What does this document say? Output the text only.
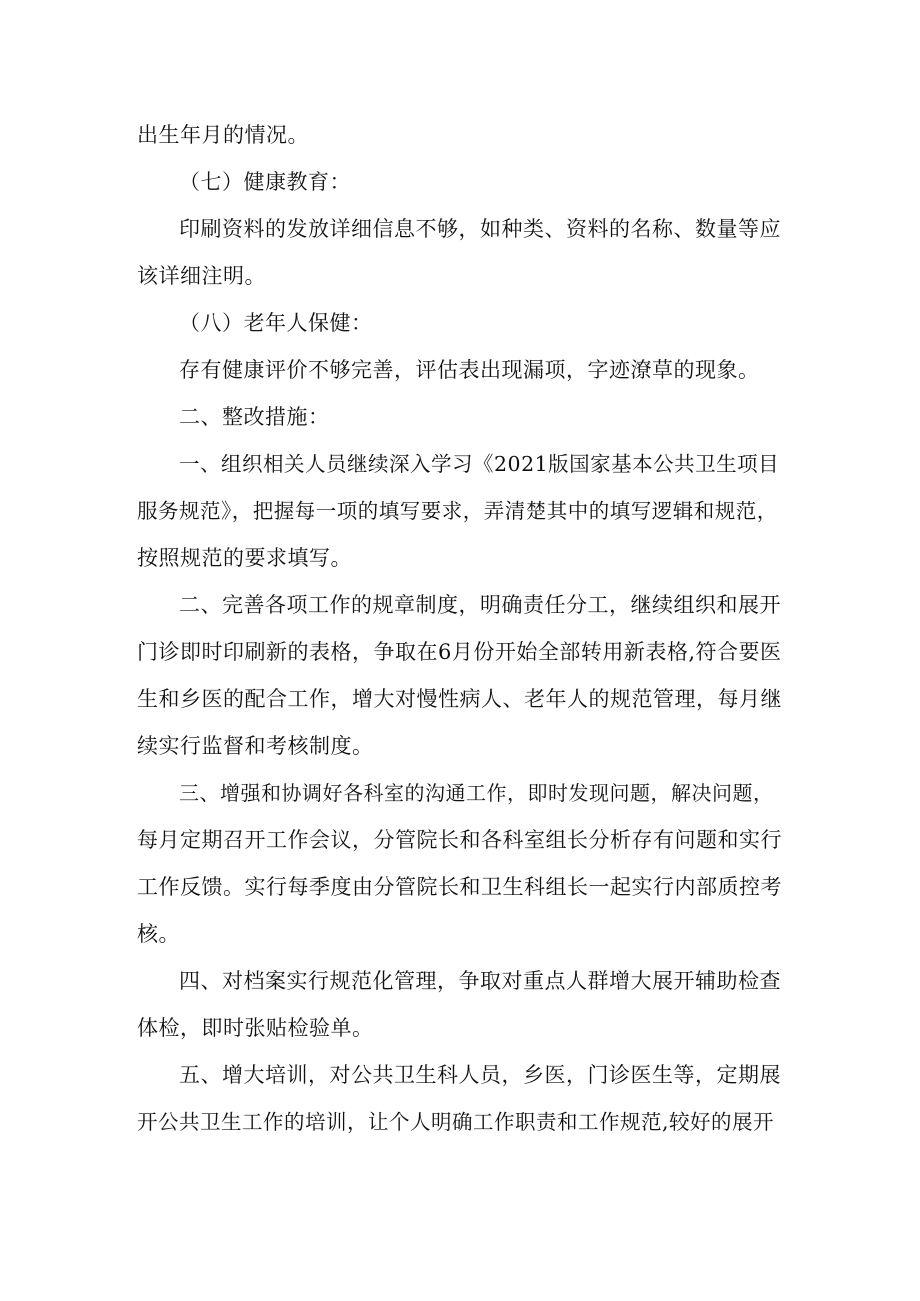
出生年月的情况。
（七）健康教育：
印刷资料的发放详细信息不够，如种类、资料的名称、数量等应
该详细注明。
（八）老年人保健：
存有健康评价不够完善，评估表出现漏项，字迹潦草的现象。
二、整改措施：
一、组织相关人员继续深入学习《2021版国家基本公共卫生项目
服务规范》，把握每一项的填写要求，弄清楚其中的填写逻辑和规范，
按照规范的要求填写。
二、完善各项工作的规章制度，明确责任分工，继续组织和展开
门诊即时印刷新的表格，争取在6月份开始全部转用新表格,符合要医
生和乡医的配合工作，增大对慢性病人、老年人的规范管理，每月继
续实行监督和考核制度。
三、增强和协调好各科室的沟通工作，即时发现问题，解决问题，
每月定期召开工作会议，分管院长和各科室组长分析存有问题和实行
工作反馈。实行每季度由分管院长和卫生科组长一起实行内部质控考
核。
四、对档案实行规范化管理，争取对重点人群增大展开辅助检查
体检，即时张贴检验单。
五、增大培训，对公共卫生科人员，乡医，门诊医生等，定期展
开公共卫生工作的培训，让个人明确工作职责和工作规范,较好的展开
